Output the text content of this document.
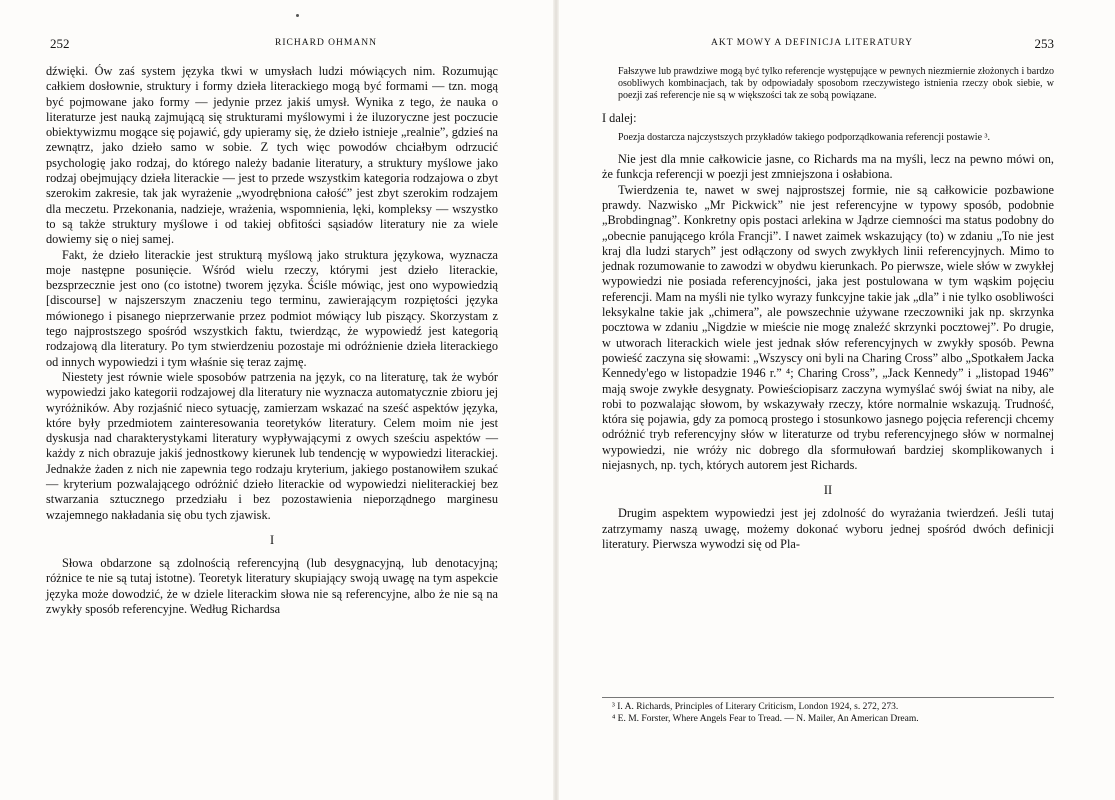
252	RICHARD OHMANN

dźwięki. Ów zaś system języka tkwi w umysłach ludzi mówiących nim. Rozumując całkiem dosłownie, struktury i formy dzieła literackiego mogą być formami — tzn. mogą być pojmowane jako formy — jedynie przez jakiś umysł. Wynika z tego, że nauka o literaturze jest nauką zajmującą się strukturami myślowymi i że iluzoryczne jest poczucie obiektywizmu mogące się pojawić, gdy upieramy się, że dzieło istnieje „realnie”, gdzieś na zewnątrz, jako dzieło samo w sobie. Z tych więc powodów chciałbym odrzucić psychologię jako rodzaj, do którego należy badanie literatury, a struktury myślowe jako rodzaj obejmujący dzieła literackie — jest to przede wszystkim kategoria rodzajowa o zbyt szerokim zakresie, tak jak wyrażenie „wyodrębniona całość” jest zbyt szerokim rodzajem dla meczetu. Przekonania, nadzieje, wrażenia, wspomnienia, lęki, kompleksy — wszystko to są także struktury myślowe i od takiej obfitości sąsiadów literatury nie za wiele dowiemy się o niej samej.

Fakt, że dzieło literackie jest strukturą myślową jako struktura językowa, wyznacza moje następne posunięcie. Wśród wielu rzeczy, którymi jest dzieło literackie, bezsprzecznie jest ono (co istotne) tworem języka. Ściśle mówiąc, jest ono wypowiedzią [discourse] w najszerszym znaczeniu tego terminu, zawierającym rozpiętości języka mówionego i pisanego nieprzerwanie przez podmiot mówiący lub piszący. Skorzystam z tego najprostszego spośród wszystkich faktu, twierdząc, że wypowiedź jest kategorią rodzajową dla literatury. Po tym stwierdzeniu pozostaje mi odróżnienie dzieła literackiego od innych wypowiedzi i tym właśnie się teraz zajmę.

Niestety jest równie wiele sposobów patrzenia na język, co na literaturę, tak że wybór wypowiedzi jako kategorii rodzajowej dla literatury nie wyznacza automatycznie zbioru jej wyróżników. Aby rozjaśnić nieco sytuację, zamierzam wskazać na sześć aspektów języka, które były przedmiotem zainteresowania teoretyków literatury. Celem moim nie jest dyskusja nad charakterystykami literatury wypływającymi z owych sześciu aspektów — każdy z nich obrazuje jakiś jednostkowy kierunek lub tendencję w wypowiedzi literackiej. Jednakże żaden z nich nie zapewnia tego rodzaju kryterium, jakiego postanowiłem szukać — kryterium pozwalającego odróżnić dzieło literackie od wypowiedzi nieliterackiej bez stwarzania sztucznego przedziału i bez pozostawienia nieporządnego marginesu wzajemnego nakładania się obu tych zjawisk.

I

Słowa obdarzone są zdolnością referencyjną (lub desygnacyjną, lub denotacyjną; różnice te nie są tutaj istotne). Teoretyk literatury skupiający swoją uwagę na tym aspekcie języka może dowodzić, że w dziele literackim słowa nie są referencyjne, albo że nie są na zwykły sposób referencyjne. Według Richardsa

AKT MOWY A DEFINICJA LITERATURY	253

Fałszywe lub prawdziwe mogą być tylko referencje występujące w pewnych niezmiernie złożonych i bardzo osobliwych kombinacjach, tak by odpowiadały sposobom rzeczywistego istnienia rzeczy obok siebie, w poezji zaś referencje nie są w większości tak ze sobą powiązane.

I dalej:

Poezja dostarcza najczystszych przykładów takiego podporządkowania referencji postawie ³.

Nie jest dla mnie całkowicie jasne, co Richards ma na myśli, lecz na pewno mówi on, że funkcja referencji w poezji jest zmniejszona i osłabiona.

Twierdzenia te, nawet w swej najprostszej formie, nie są całkowicie pozbawione prawdy. Nazwisko „Mr Pickwick” nie jest referencyjne w typowy sposób, podobnie „Brobdingnag”. Konkretny opis postaci arlekina w Jądrze ciemności ma status podobny do „obecnie panującego króla Francji”. I nawet zaimek wskazujący (to) w zdaniu „To nie jest kraj dla ludzi starych” jest odłączony od swych zwykłych linii referencyjnych. Mimo to jednak rozumowanie to zawodzi w obydwu kierunkach. Po pierwsze, wiele słów w zwykłej wypowiedzi nie posiada referencyjności, jaka jest postulowana w tym wąskim pojęciu referencji. Mam na myśli nie tylko wyrazy funkcyjne takie jak „dla” i nie tylko osobliwości leksykalne takie jak „chimera”, ale powszechnie używane rzeczowniki jak np. skrzynka pocztowa w zdaniu „Nigdzie w mieście nie mogę znaleźć skrzynki pocztowej”. Po drugie, w utworach literackich wiele jest jednak słów referencyjnych w zwykły sposób. Pewna powieść zaczyna się słowami: „Wszyscy oni byli na Charing Cross” albo „Spotkałem Jacka Kennedy'ego w listopadzie 1946 r.” ⁴; Charing Cross”, „Jack Kennedy” i „listopad 1946” mają swoje zwykłe desygnaty. Powieściopisarz zaczyna wymyślać swój świat na niby, ale robi to pozwalając słowom, by wskazywały rzeczy, które normalnie wskazują. Trudność, która się pojawia, gdy za pomocą prostego i stosunkowo jasnego pojęcia referencji chcemy odróżnić tryb referencyjny słów w literaturze od trybu referencyjnego słów w normalnej wypowiedzi, nie wróży nic dobrego dla sformułowań bardziej skomplikowanych i niejasnych, np. tych, których autorem jest Richards.

II

Drugim aspektem wypowiedzi jest jej zdolność do wyrażania twierdzeń. Jeśli tutaj zatrzymamy naszą uwagę, możemy dokonać wyboru jednej spośród dwóch definicji literatury. Pierwsza wywodzi się od Pla-

³ I. A. Richards, Principles of Literary Criticism, London 1924, s. 272, 273.

⁴ E. M. Forster, Where Angels Fear to Tread. — N. Mailer, An American Dream.
